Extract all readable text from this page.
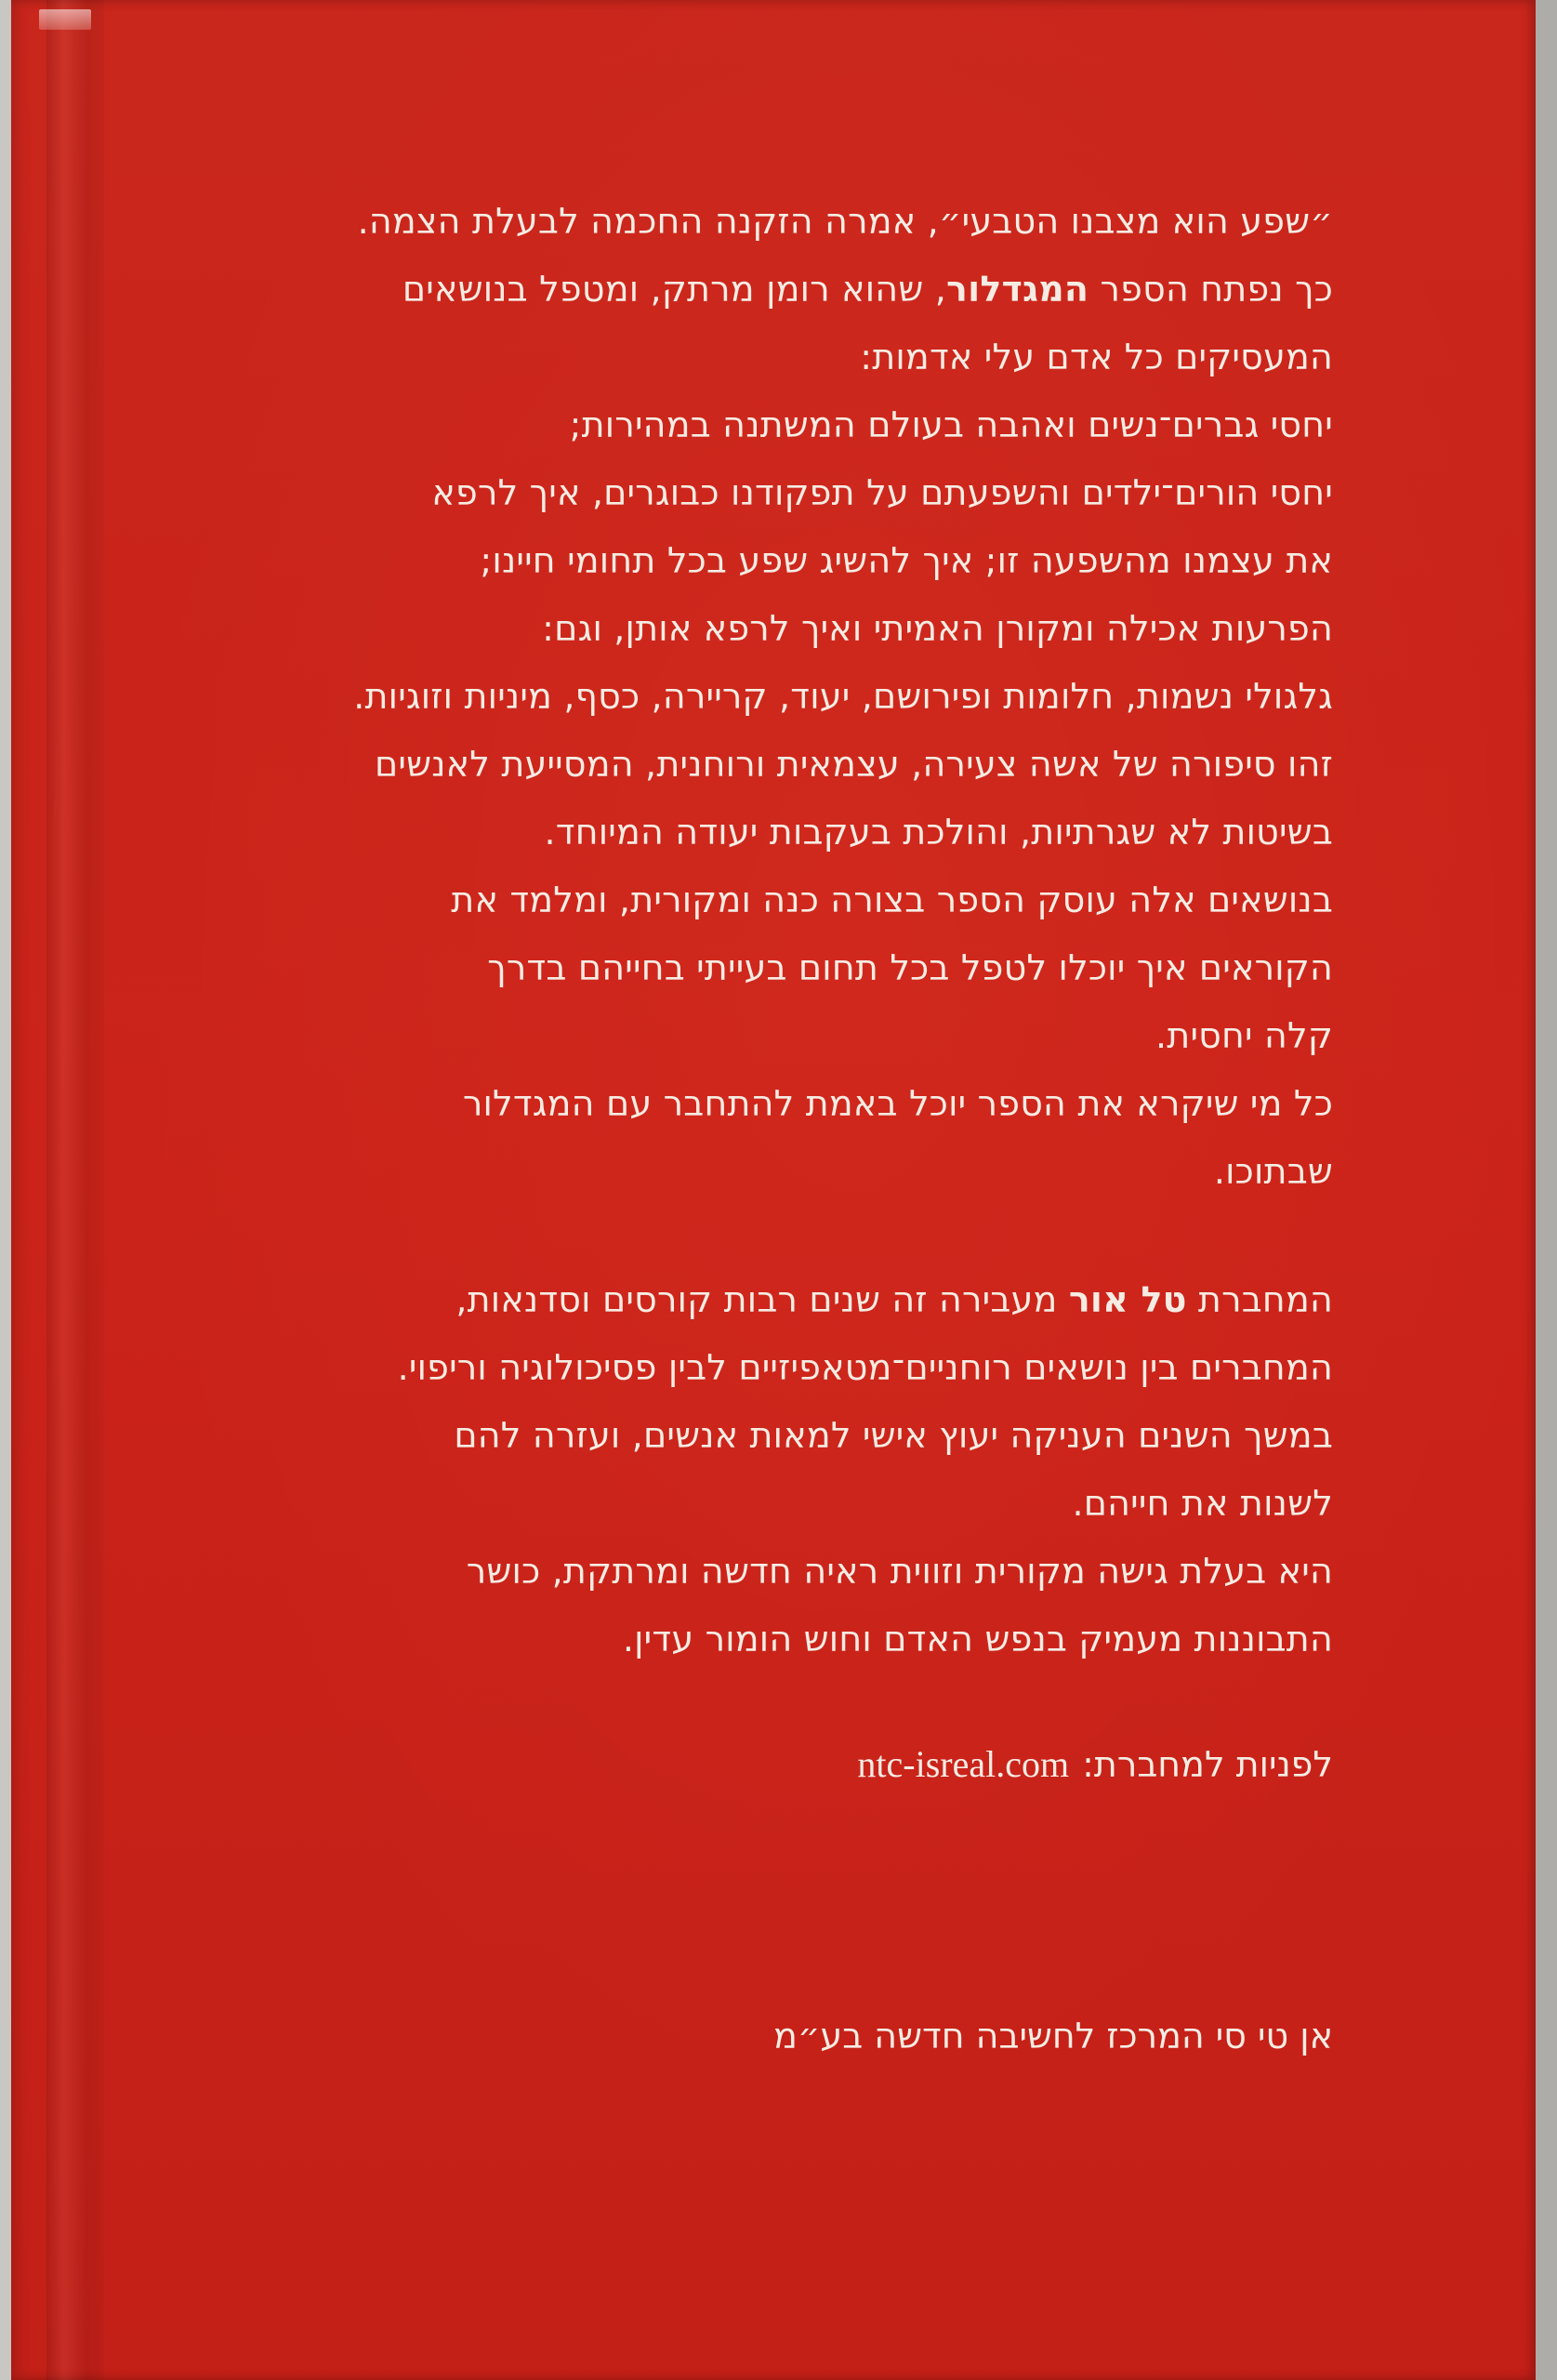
״שפע הוא מצבנו הטבעי״, אמרה הזקנה החכמה לבעלת הצמה.
כך נפתח הספר המגדלור, שהוא רומן מרתק, ומטפל בנושאים
המעסיקים כל אדם עלי אדמות:
יחסי גברים־נשים ואהבה בעולם המשתנה במהירות;
יחסי הורים־ילדים והשפעתם על תפקודנו כבוגרים, איך לרפא
את עצמנו מהשפעה זו; איך להשיג שפע בכל תחומי חיינו;
הפרעות אכילה ומקורן האמיתי ואיך לרפא אותן, וגם:
גלגולי נשמות, חלומות ופירושם, יעוד, קריירה, כסף, מיניות וזוגיות.
זהו סיפורה של אשה צעירה, עצמאית ורוחנית, המסייעת לאנשים
בשיטות לא שגרתיות, והולכת בעקבות יעודה המיוחד.
בנושאים אלה עוסק הספר בצורה כנה ומקורית, ומלמד את
הקוראים איך יוכלו לטפל בכל תחום בעייתי בחייהם בדרך
קלה יחסית.
כל מי שיקרא את הספר יוכל באמת להתחבר עם המגדלור
שבתוכו.
המחברת טל אור מעבירה זה שנים רבות קורסים וסדנאות,
המחברים בין נושאים רוחניים־מטאפיזיים לבין פסיכולוגיה וריפוי.
במשך השנים העניקה יעוץ אישי למאות אנשים, ועזרה להם
לשנות את חייהם.
היא בעלת גישה מקורית וזווית ראיה חדשה ומרתקת, כושר
התבוננות מעמיק בנפש האדם וחוש הומור עדין.
לפניות למחברת:ntc-isreal.com
אן טי סי המרכז לחשיבה חדשה בע״מ
